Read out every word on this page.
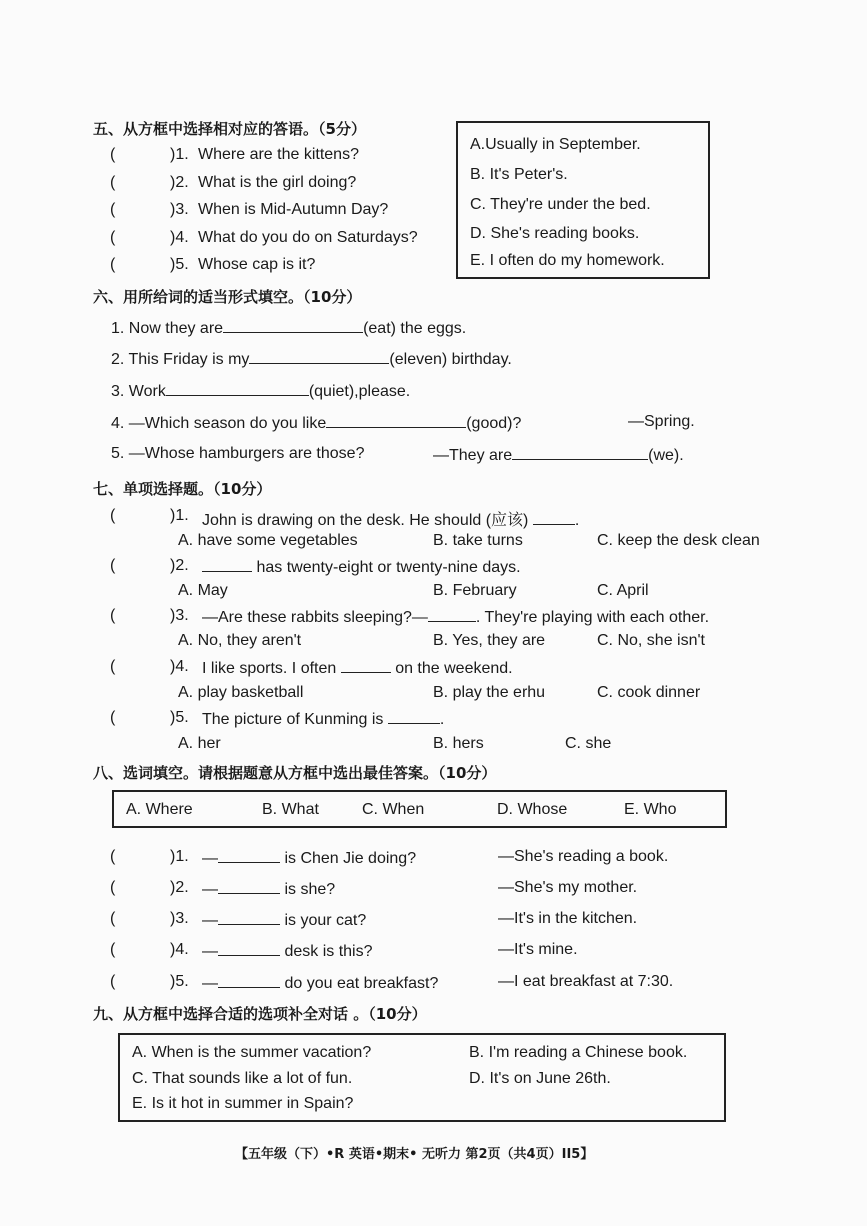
五、从方框中选择相对应的答语。（5分）
(	)1. Where are the kittens?
(	)2. What is the girl doing?
(	)3. When is Mid-Autumn Day?
(	)4. What do you do on Saturdays?
(	)5. Whose cap is it?
A.Usually in September.
B. It's Peter's.
C. They're under the bed.
D. She's reading books.
E. I often do my homework.
六、用所给词的适当形式填空。（10分）
1. Now they are	(eat) the eggs.
2. This Friday is my	(eleven) birthday.
3. Work	(quiet),please.
4. —Which season do you like	(good)?	—Spring.
5. —Whose hamburgers are those?	—They are	(we).
七、单项选择题。（10分）
(	)1. John is drawing on the desk. He should (应该)	.
A. have some vegetables	B. take turns	C. keep the desk clean
(	)2.	has twenty-eight or twenty-nine days.
A. May	B. February	C. April
(	)3. —Are these rabbits sleeping?—	. They're playing with each other.
A. No, they aren't	B. Yes, they are	C. No, she isn't
(	)4. I like sports. I often	on the weekend.
A. play basketball	B. play the erhu	C. cook dinner
(	)5. The picture of Kunming is	.
A. her	B. hers	C. she
八、选词填空。请根据题意从方框中选出最佳答案。（10分）
A. Where	B. What	C. When	D. Whose	E. Who
(	)1. —	is Chen Jie doing?	—She's reading a book.
(	)2. —	is she?	—She's my mother.
(	)3. —	is your cat?	—It's in the kitchen.
(	)4. —	desk is this?	—It's mine.
(	)5. —	do you eat breakfast?	—I eat breakfast at 7:30.
九、从方框中选择合适的选项补全对话 。（10分）
A. When is the summer vacation?	B. I'm reading a Chinese book.
C. That sounds like a lot of fun.	D. It's on June 26th.
E. Is it hot in summer in Spain?
【五年级（下）•R 英语•期末• 无听力 第2页（共4页）II5】
